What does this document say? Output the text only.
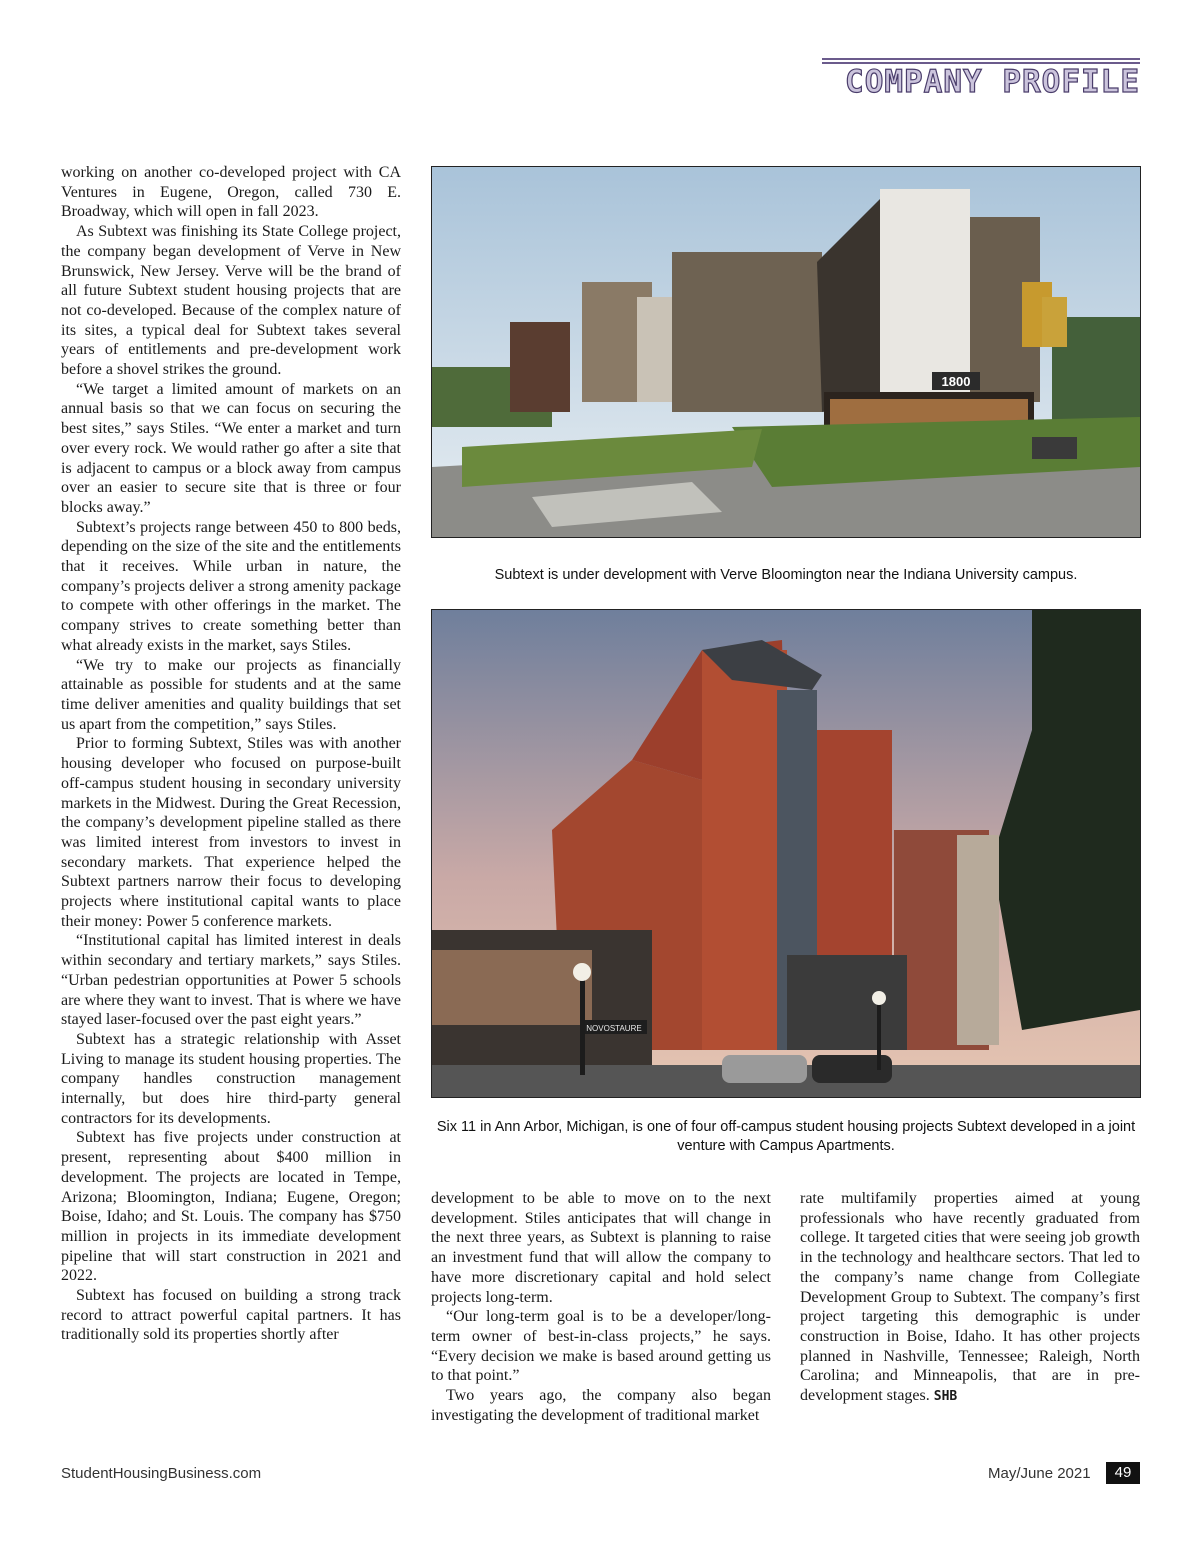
COMPANY PROFILE

working on another co-developed project with CA Ventures in Eugene, Oregon, called 730 E. Broadway, which will open in fall 2023.

As Subtext was finishing its State College project, the company began development of Verve in New Brunswick, New Jersey. Verve will be the brand of all future Subtext student housing projects that are not co-developed. Because of the complex nature of its sites, a typical deal for Subtext takes several years of entitlements and pre-development work before a shovel strikes the ground.

“We target a limited amount of markets on an annual basis so that we can focus on securing the best sites,” says Stiles. “We enter a market and turn over every rock. We would rather go after a site that is adjacent to campus or a block away from campus over an easier to secure site that is three or four blocks away.”

Subtext’s projects range between 450 to 800 beds, depending on the size of the site and the entitlements that it receives. While urban in nature, the company’s projects deliver a strong amenity package to compete with other offerings in the market. The company strives to create something better than what already exists in the market, says Stiles.

“We try to make our projects as financially attainable as possible for students and at the same time deliver amenities and quality buildings that set us apart from the competition,” says Stiles.

Prior to forming Subtext, Stiles was with another housing developer who focused on purpose-built off-campus student housing in secondary university markets in the Midwest. During the Great Recession, the company’s development pipeline stalled as there was limited interest from investors to invest in secondary markets. That experience helped the Subtext partners narrow their focus to developing projects where institutional capital wants to place their money: Power 5 conference markets.

“Institutional capital has limited interest in deals within secondary and tertiary markets,” says Stiles. “Urban pedestrian opportunities at Power 5 schools are where they want to invest. That is where we have stayed laser-focused over the past eight years.”

Subtext has a strategic relationship with Asset Living to manage its student housing properties. The company handles construction management internally, but does hire third-party general contractors for its developments.

Subtext has five projects under construction at present, representing about $400 million in development. The projects are located in Tempe, Arizona; Bloomington, Indiana; Eugene, Oregon; Boise, Idaho; and St. Louis. The company has $750 million in projects in its immediate development pipeline that will start construction in 2021 and 2022.

Subtext has focused on building a strong track record to attract powerful capital partners. It has traditionally sold its properties shortly after

1800
Subtext is under development with Verve Bloomington near the Indiana University campus.
NOVOSTAURE
Six 11 in Ann Arbor, Michigan, is one of four off-campus student housing projects Subtext developed in a joint venture with Campus Apartments.

development to be able to move on to the next development. Stiles anticipates that will change in the next three years, as Subtext is planning to raise an investment fund that will allow the company to have more discretionary capital and hold select projects long-term.

“Our long-term goal is to be a developer/long-term owner of best-in-class projects,” he says. “Every decision we make is based around getting us to that point.”

Two years ago, the company also began investigating the development of traditional market

rate multifamily properties aimed at young professionals who have recently graduated from college. It targeted cities that were seeing job growth in the technology and healthcare sectors. That led to the company’s name change from Collegiate Development Group to Subtext. The company’s first project targeting this demographic is under construction in Boise, Idaho. It has other projects planned in Nashville, Tennessee; Raleigh, North Carolina; and Minneapolis, that are in pre-development stages. SHB

StudentHousingBusiness.com	May/June 2021	49
